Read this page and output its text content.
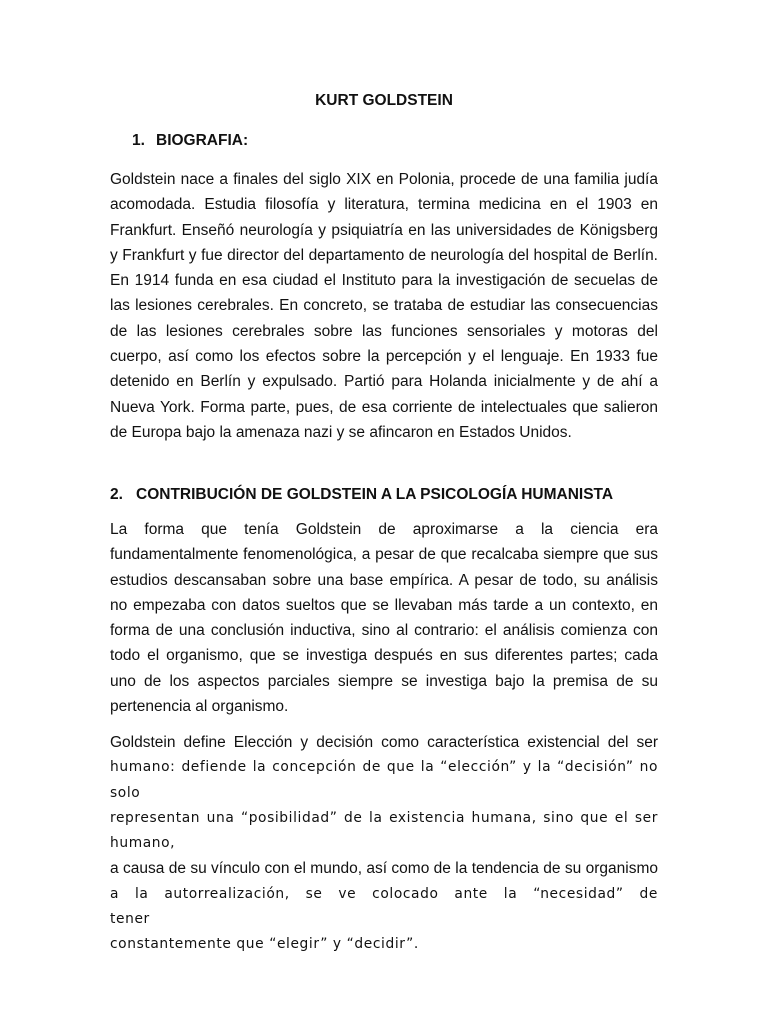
KURT GOLDSTEIN
1. BIOGRAFIA:

Goldstein nace a finales del siglo XIX en Polonia, procede de una familia judía acomodada. Estudia filosofía y literatura, termina medicina en el 1903 en Frankfurt. Enseñó neurología y psiquiatría en las universidades de Königsberg y Frankfurt y fue director del departamento de neurología del hospital de Berlín. En 1914 funda en esa ciudad el Instituto para la investigación de secuelas de las lesiones cerebrales. En concreto, se trataba de estudiar las consecuencias de las lesiones cerebrales sobre las funciones sensoriales y motoras del cuerpo, así como los efectos sobre la percepción y el lenguaje. En 1933 fue detenido en Berlín y expulsado. Partió para Holanda inicialmente y de ahí a Nueva York. Forma parte, pues, de esa corriente de intelectuales que salieron de Europa bajo la amenaza nazi y se afincaron en Estados Unidos.

2. CONTRIBUCIÓN DE GOLDSTEIN A LA PSICOLOGÍA HUMANISTA

La forma que tenía Goldstein de aproximarse a la ciencia era fundamentalmente fenomenológica, a pesar de que recalcaba siempre que sus estudios descansaban sobre una base empírica. A pesar de todo, su análisis no empezaba con datos sueltos que se llevaban más tarde a un contexto, en forma de una conclusión inductiva, sino al contrario: el análisis comienza con todo el organismo, que se investiga después en sus diferentes partes; cada uno de los aspectos parciales siempre se investiga bajo la premisa de su pertenencia al organismo.

Goldstein define Elección y decisión como característica existencial del ser
humano: defiende la concepción de que la “elección” y la “decisión” no solo
representan una “posibilidad” de la existencia humana, sino que el ser humano,
a causa de su vínculo con el mundo, así como de la tendencia de su organismo
a la autorrealización, se ve colocado ante la “necesidad” de tener
constantemente que “elegir” y “decidir”.
